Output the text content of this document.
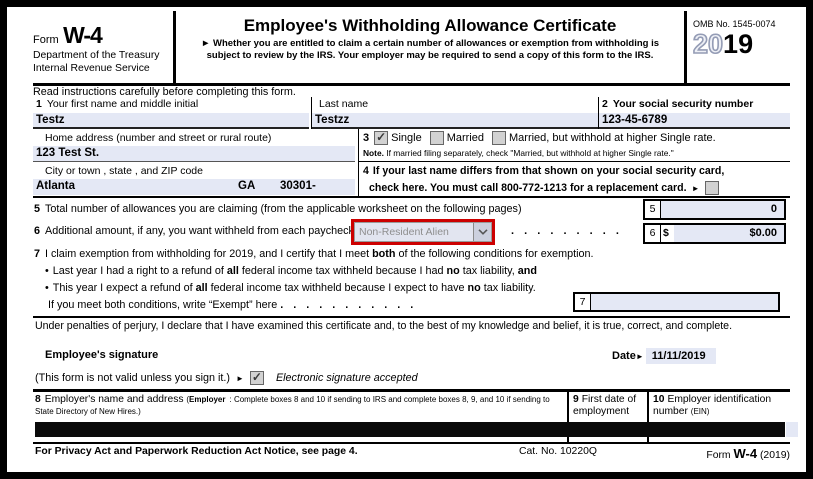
Form W-4
Department of the Treasury
Internal Revenue Service
Employee's Withholding Allowance Certificate
► Whether you are entitled to claim a certain number of allowances or exemption from withholding is subject to review by the IRS. Your employer may be required to send a copy of this form to the IRS.
OMB No. 1545-0074
2019
Read instructions carefully before completing this form.
1 Your first name and middle initial
Testz
Last name
Testzz
2 Your social security number
123-45-6789
Home address (number and street or rural route)
123 Test St.
City or town , state , and ZIP code
Atlanta	GA 30301-
3 ✓ Single Married Married, but withhold at higher Single rate.
Note. If married filing separately, check "Married, but withhold at higher Single rate."
4 If your last name differs from that shown on your social security card,
check here. You must call 800-772-1213 for a replacement card. ►
5 Total number of allowances you are claiming (from the applicable worksheet on the following pages)	5	0
6 Additional amount, if any, you want withheld from each paycheck Non-Resident Alien	. . . . . . . . .	6 $	$0.00
7 I claim exemption from withholding for 2019, and I certify that I meet both of the following conditions for exemption.
• Last year I had a right to a refund of all federal income tax withheld because I had no tax liability, and
• This year I expect a refund of all federal income tax withheld because I expect to have no tax liability.
If you meet both conditions, write “Exempt” here . . . . . . . . . . .	7
Under penalties of perjury, I declare that I have examined this certificate and, to the best of my knowledge and belief, it is true, correct, and complete.
Employee's signature	Date ► 11/11/2019
(This form is not valid unless you sign it.) ► ✓ Electronic signature accepted
8 Employer's name and address (Employer : Complete boxes 8 and 10 if sending to IRS and complete boxes 8, 9, and 10 if sending to State Directory of New Hires.)
9 First date of employment
10 Employer identification number (EIN)
For Privacy Act and Paperwork Reduction Act Notice, see page 4.	Cat. No. 10220Q	Form W-4 (2019)
